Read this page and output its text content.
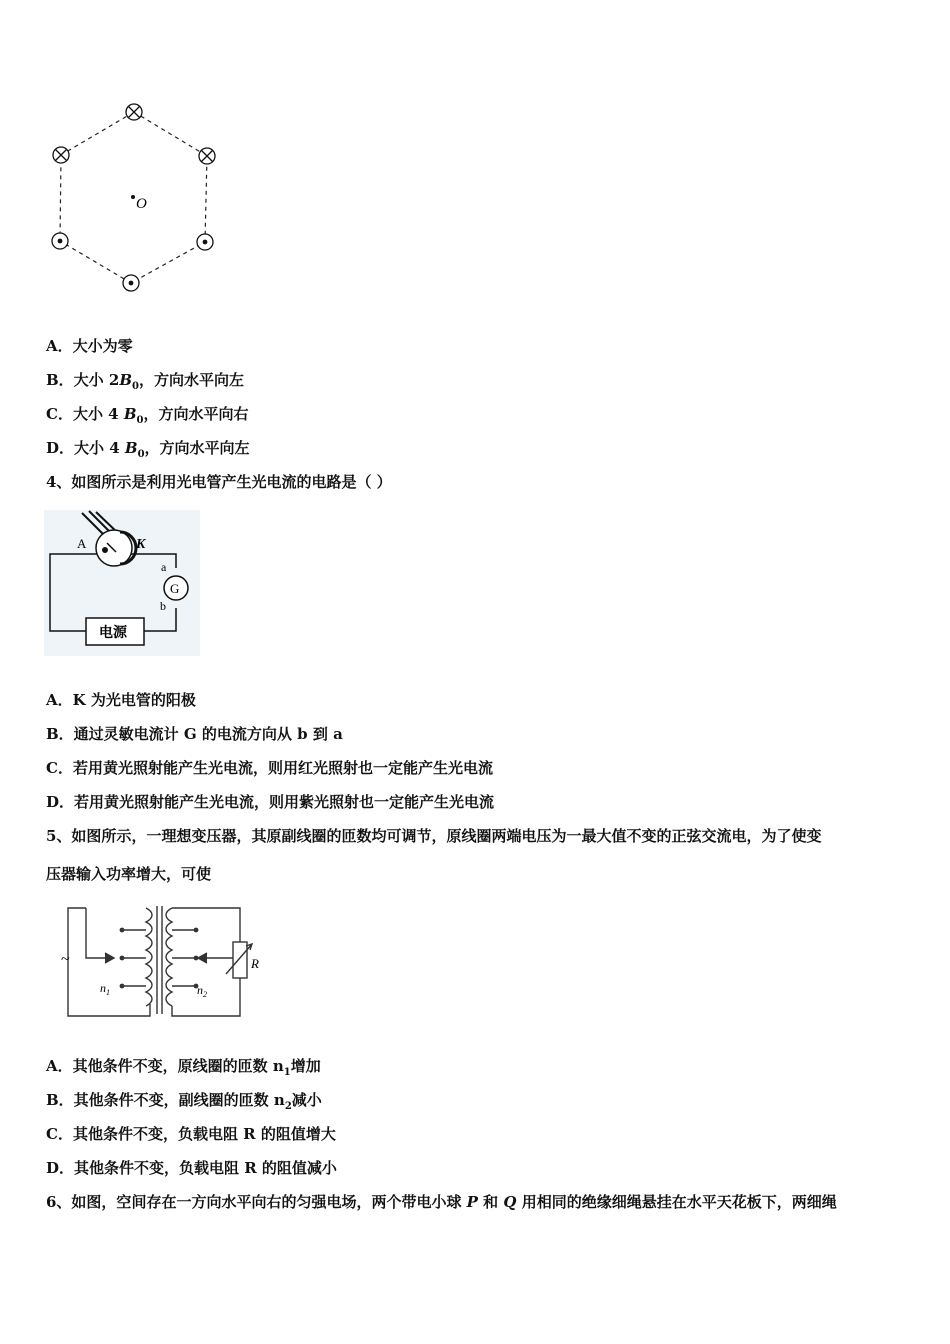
O
A．大小为零
B．大小 $2B_0$，方向水平向左
C．大小 4 $B_0$，方向水平向右
D．大小 4 $B_0$，方向水平向左
4、如图所示是利用光电管产生光电流的电路是（ ）
A	K
G
a
b
电源
A．K 为光电管的阳极
B．通过灵敏电流计 G 的电流方向从 b 到 a
C．若用黄光照射能产生光电流，则用红光照射也一定能产生光电流
D．若用黄光照射能产生光电流，则用紫光照射也一定能产生光电流
5、如图所示，一理想变压器，其原副线圈的匝数均可调节，原线圈两端电压为一最大值不变的正弦交流电，为了使变
压器输入功率增大，可使
~
$n_1$	$n_2$
R
A．其他条件不变，原线圈的匝数 $n_1$增加
B．其他条件不变，副线圈的匝数 $n_2$减小
C．其他条件不变，负载电阻 R 的阻值增大
D．其他条件不变，负载电阻 R 的阻值减小
6、如图，空间存在一方向水平向右的匀强电场，两个带电小球 P 和 Q 用相同的绝缘细绳悬挂在水平天花板下，两细绳
